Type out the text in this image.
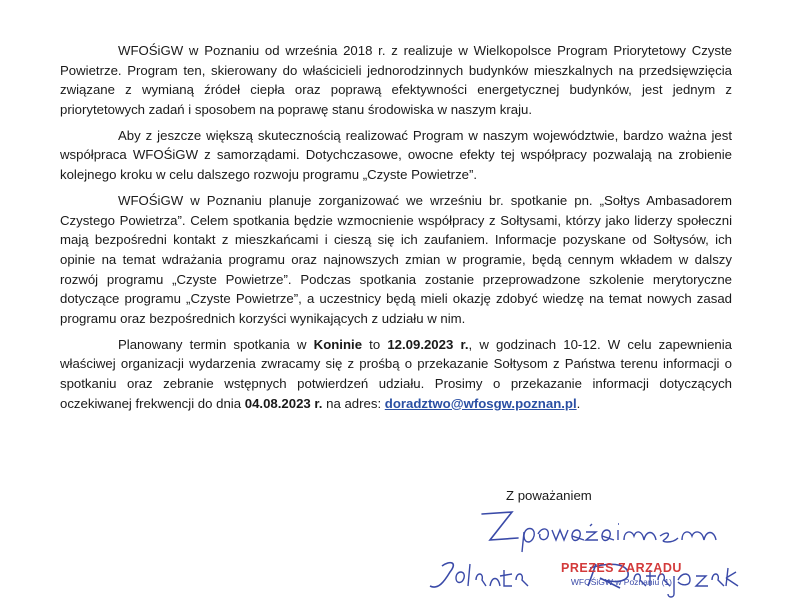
WFOŚiGW w Poznaniu od września 2018 r. z realizuje w Wielkopolsce Program Priorytetowy Czyste Powietrze. Program ten, skierowany do właścicieli jednorodzinnych budynków mieszkalnych na przedsięwzięcia związane z wymianą źródeł ciepła oraz poprawą efektywności energetycznej budynków, jest jednym z priorytetowych zadań i sposobem na poprawę stanu środowiska w naszym kraju.

Aby z jeszcze większą skutecznością realizować Program w naszym województwie, bardzo ważna jest współpraca WFOŚiGW z samorządami. Dotychczasowe, owocne efekty tej współpracy pozwalają na zrobienie kolejnego kroku w celu dalszego rozwoju programu „Czyste Powietrze”.

WFOŚiGW w Poznaniu planuje zorganizować we wrześniu br. spotkanie pn. „Sołtys Ambasadorem Czystego Powietrza”. Celem spotkania będzie wzmocnienie współpracy z Sołtysami, którzy jako liderzy społeczni mają bezpośredni kontakt z mieszkańcami i cieszą się ich zaufaniem. Informacje pozyskane od Sołtysów, ich opinie na temat wdrażania programu oraz najnowszych zmian w programie, będą cennym wkładem w dalszy rozwój programu „Czyste Powietrze”. Podczas spotkania zostanie przeprowadzone szkolenie merytoryczne dotyczące programu „Czyste Powietrze”, a uczestnicy będą mieli okazję zdobyć wiedzę na temat nowych zasad programu oraz bezpośrednich korzyści wynikających z udziału w nim.

Planowany termin spotkania w Koninie to 12.09.2023 r., w godzinach 10-12. W celu zapewnienia właściwej organizacji wydarzenia zwracamy się z prośbą o przekazanie Sołtysom z Państwa terenu informacji o spotkaniu oraz zebranie wstępnych potwierdzeń udziału. Prosimy o przekazanie informacji dotyczących oczekiwanej frekwencji do dnia 04.08.2023 r. na adres: doradztwo@wfosgw.poznan.pl.

Z poważaniem
PREZES ZARZĄDU
WFOŚiGW w Poznaniu (1)
